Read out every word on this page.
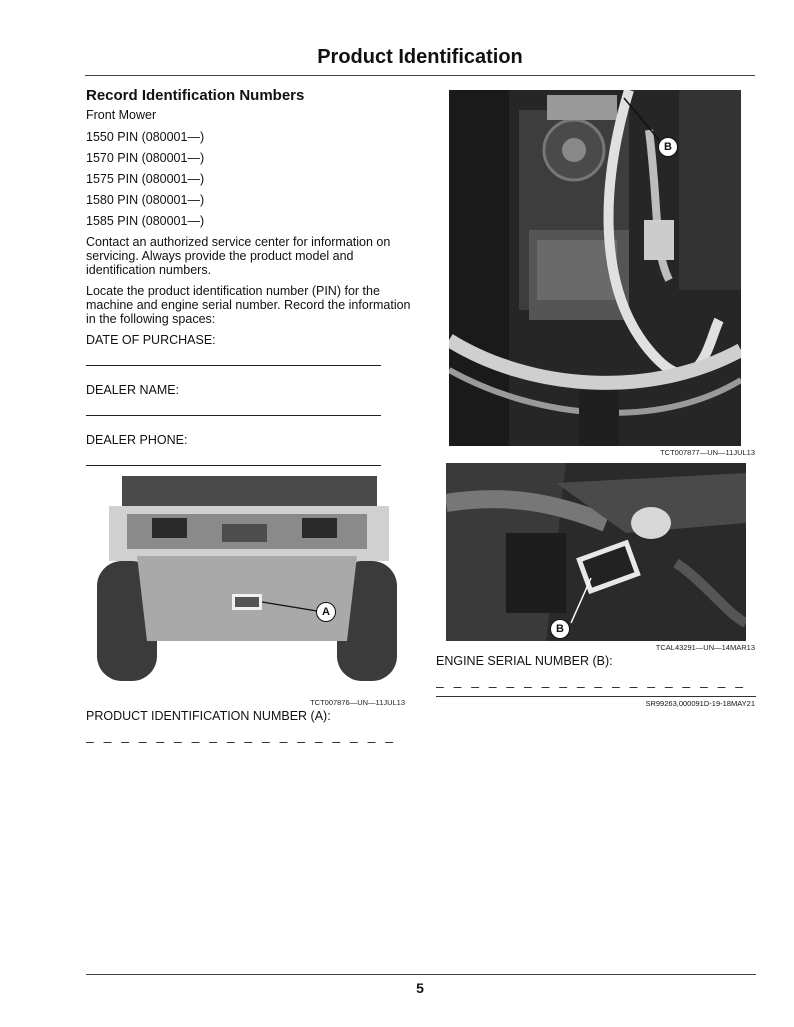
Product Identification
Record Identification Numbers
Front Mower
1550 PIN (080001—)
1570 PIN (080001—)
1575 PIN (080001—)
1580 PIN (080001—)
1585 PIN (080001—)
Contact an authorized service center for information on servicing. Always provide the product model and identification numbers.
Locate the product identification number (PIN) for the machine and engine serial number. Record the information in the following spaces:
DATE OF PURCHASE:
DEALER NAME:
DEALER PHONE:
B
TCT007877—UN—11JUL13
B
TCAL43291—UN—14MAR13
ENGINE SERIAL NUMBER (B):
— — — — — — — — — — — — — — — — — —
SR99263,000091D-19-18MAY21
A
TCT007876—UN—11JUL13
PRODUCT IDENTIFICATION NUMBER (A):
— — — — — — — — — — — — — — — — — —
5
